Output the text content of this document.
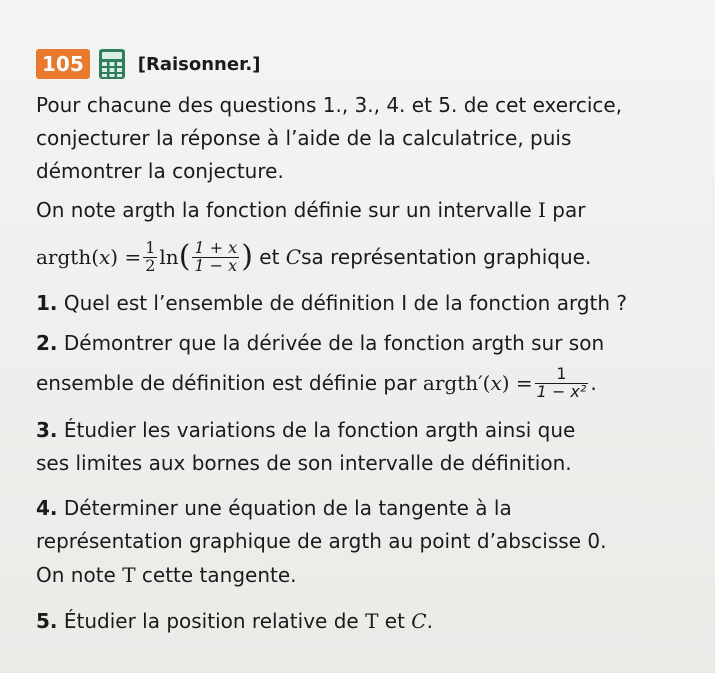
105	[Raisonner.]
Pour chacune des questions 1., 3., 4. et 5. de cet exercice,
conjecturer la réponse à l’aide de la calculatrice, puis
démontrer la conjecture.
On note argth la fonction définie sur un intervalle I par
argth( x ) = $\frac{1}{2}$ ln ( $\frac{1 + x}{1 - x}$ ) et C sa représentation graphique.
1. Quel est l’ensemble de définition I de la fonction argth ?
2. Démontrer que la dérivée de la fonction argth sur son
ensemble de définition est définie par argth′( x ) = $\frac{1}{\text{1 − x²}}$ .
3. Étudier les variations de la fonction argth ainsi que
ses limites aux bornes de son intervalle de définition.
4. Déterminer une équation de la tangente à la
représentation graphique de argth au point d’abscisse 0.
On note T cette tangente.
5. Étudier la position relative de T et C.
